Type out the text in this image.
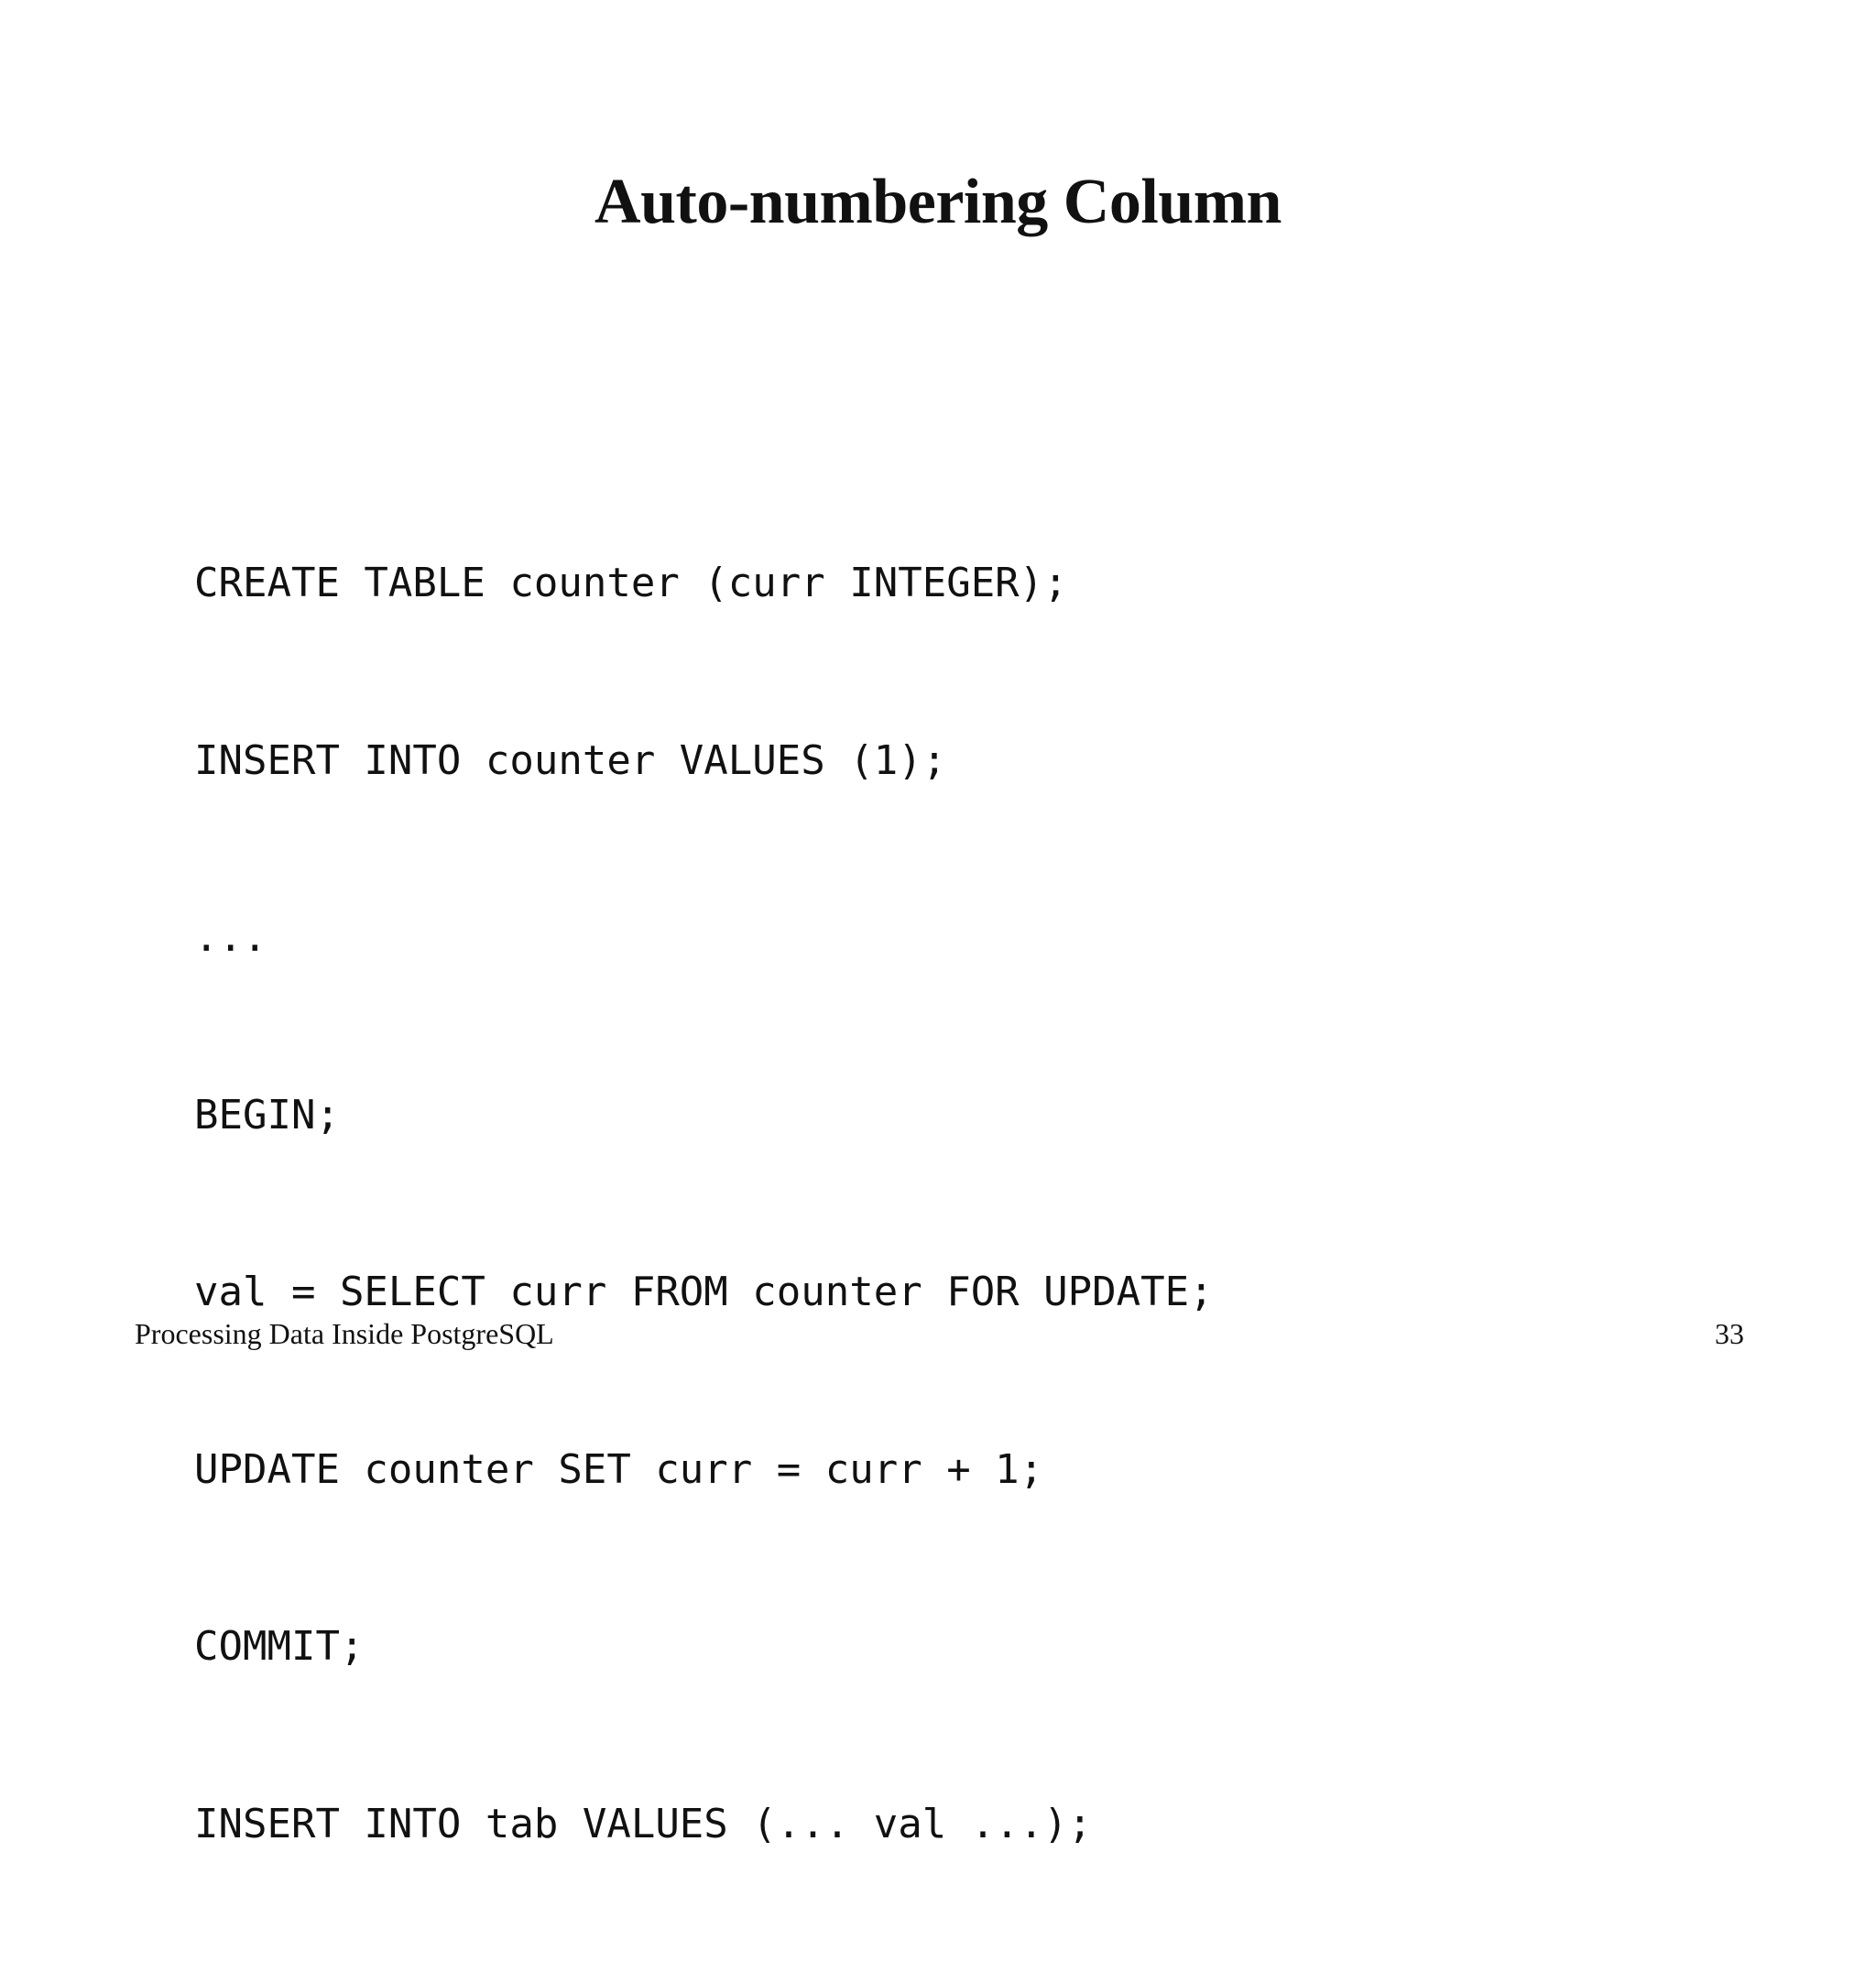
Auto-numbering Column

CREATE TABLE counter (curr INTEGER);

INSERT INTO counter VALUES (1);

...

BEGIN;

val = SELECT curr FROM counter FOR UPDATE;

UPDATE counter SET curr = curr + 1;

COMMIT;

INSERT INTO tab VALUES (... val ...);

Processing Data Inside PostgreSQL	33
